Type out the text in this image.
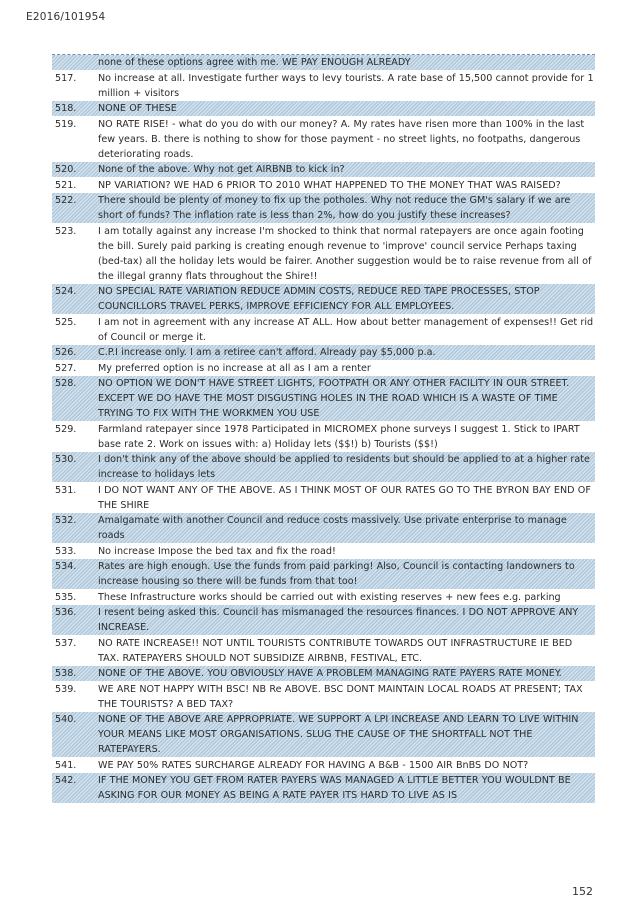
E2016/101954
	none of these options agree with me. WE PAY ENOUGH ALREADY
517.	No increase at all. Investigate further ways to levy tourists. A rate base of 15,500 cannot provide for 1 million + visitors
518.	NONE OF THESE
519.	NO RATE RISE! - what do you do with our money? A. My rates have risen more than 100% in the last few years. B. there is nothing to show for those payment - no street lights, no footpaths, dangerous deteriorating roads.
520.	None of the above. Why not get AIRBNB to kick in?
521.	NP VARIATION? WE HAD 6 PRIOR TO 2010 WHAT HAPPENED TO THE MONEY THAT WAS RAISED?
522.	There should be plenty of money to fix up the potholes. Why not reduce the GM's salary if we are short of funds? The inflation rate is less than 2%, how do you justify these increases?
523.	I am totally against any increase I'm shocked to think that normal ratepayers are once again footing the bill. Surely paid parking is creating enough revenue to 'improve' council service Perhaps taxing (bed-tax) all the holiday lets would be fairer. Another suggestion would be to raise revenue from all of the illegal granny flats throughout the Shire!!
524.	NO SPECIAL RATE VARIATION REDUCE ADMIN COSTS, REDUCE RED TAPE PROCESSES, STOP COUNCILLORS TRAVEL PERKS, IMPROVE EFFICIENCY FOR ALL EMPLOYEES.
525.	I am not in agreement with any increase AT ALL. How about better management of expenses!! Get rid of Council or merge it.
526.	C.P.I increase only. I am a retiree can't afford. Already pay $5,000 p.a.
527.	My preferred option is no increase at all as I am a renter
528.	NO OPTION WE DON'T HAVE STREET LIGHTS, FOOTPATH OR ANY OTHER FACILITY IN OUR STREET. EXCEPT WE DO HAVE THE MOST DISGUSTING HOLES IN THE ROAD WHICH IS A WASTE OF TIME TRYING TO FIX WITH THE WORKMEN YOU USE
529.	Farmland ratepayer since 1978 Participated in MICROMEX phone surveys I suggest 1. Stick to IPART base rate 2. Work on issues with: a) Holiday lets ($$!) b) Tourists ($$!)
530.	I don't think any of the above should be applied to residents but should be applied to at a higher rate increase to holidays lets
531.	I DO NOT WANT ANY OF THE ABOVE. AS I THINK MOST OF OUR RATES GO TO THE BYRON BAY END OF THE SHIRE
532.	Amalgamate with another Council and reduce costs massively. Use private enterprise to manage roads
533.	No increase Impose the bed tax and fix the road!
534.	Rates are high enough. Use the funds from paid parking! Also, Council is contacting landowners to increase housing so there will be funds from that too!
535.	These Infrastructure works should be carried out with existing reserves + new fees e.g. parking
536.	I resent being asked this. Council has mismanaged the resources finances. I DO NOT APPROVE ANY INCREASE.
537.	NO RATE INCREASE!! NOT UNTIL TOURISTS CONTRIBUTE TOWARDS OUT INFRASTRUCTURE IE BED TAX. RATEPAYERS SHOULD NOT SUBSIDIZE AIRBNB, FESTIVAL, ETC.
538.	NONE OF THE ABOVE. YOU OBVIOUSLY HAVE A PROBLEM MANAGING RATE PAYERS RATE MONEY.
539.	WE ARE NOT HAPPY WITH BSC! NB Re ABOVE. BSC DONT MAINTAIN LOCAL ROADS AT PRESENT; TAX THE TOURISTS? A BED TAX?
540.	NONE OF THE ABOVE ARE APPROPRIATE. WE SUPPORT A LPI INCREASE AND LEARN TO LIVE WITHIN YOUR MEANS LIKE MOST ORGANISATIONS. SLUG THE CAUSE OF THE SHORTFALL NOT THE RATEPAYERS.
541.	WE PAY 50% RATES SURCHARGE ALREADY FOR HAVING A B&B - 1500 AIR BnBS DO NOT?
542.	IF THE MONEY YOU GET FROM RATER PAYERS WAS MANAGED A LITTLE BETTER YOU WOULDNT BE ASKING FOR OUR MONEY AS BEING A RATE PAYER ITS HARD TO LIVE AS IS
152
